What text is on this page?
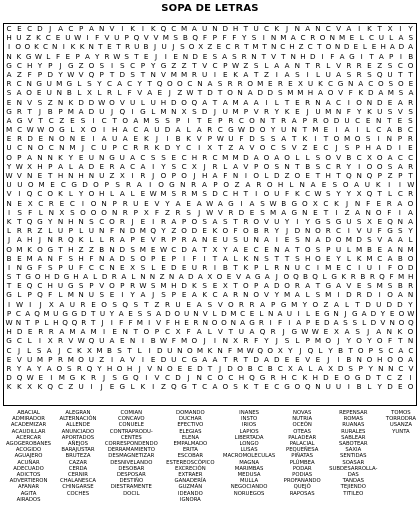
SOPA DE LETRAS
C E C D J A C P A N V I K I K Q C M A U N D H T U C K J N A N C V A I K T X I Y
H U Z K C E U W I F V U P Q V V M S B Q F P F F Y S I N M A C R O N M E L C U L A S
I O O K C N I K K N T E T R U B J U J S O X Z E C R T M T N C H Z C T O N D E L E H A D A
N K G W L F E P A Y R W S T E J	I E N D E S A S R N T V T N H D I F A G I T A P I B
G C H Y P J G Z O S I S C P Y G Z Z T V C P W Z S L A A N T R L V R R E Z S C O
A Z F P D Y W V Q P T D S T N V M M R U I E K A T Z I A S I	L U A S R S Q U T T
R C N G U M G L S Y C A C Y T Q O O C N A S R R O M E R E X U K C G N A C O S O E
S A O E U N B L X L R L F V A E J Z W T D T O N A D D S M M H A O V F K D A M S A
E N V S Z N K D D W O V U L U H D O Q A T A M A A I	L T E R N A C I O N D E A R
G R T J B P M A D U J Q I G L M N X S D J U M P V R Y K E J U M N F Y K U S V S
A G V T C Z E S	I C T O A M S S P	I	T E P R C O N T R A P R O D U C E N T E S
M C W W O G L X O I H A C A U D A L A R C G W D O Y U N T M E	I A I	L C A B C
E R D E N O N E	I A U A E K J	I B K V P W U F D S S A T K I	T O M O S	I N P R
U C N O C N M J C U P C R R K D Y C I X T Z A V O C S V Z E C J	S P H A D I	E
O P A N N K Y E U N G U A C S S E C H R C M M D A O A O L L S O V B C X O A C C
Y W X H P A L A D E R A C A I Y S C X J R L A V P O S N T B S C R Y I O O S A R
W V N E T H N H N U Z X I R J O P O J H A F N I O L D Z O E T H T Q N Q P Z P T
U U O M E C G D O P S R A	I O G N R A P O Z A R O H L N A E S O A U K	I	I W
V I Q C O K L Y O H L A L E W M S R M S D C H T I O U F K C W S Y Y X Q T L C R
N E X C R E C I O N P R U E V Y A E A W A G I A S W B G O X C K J N F E R A O
I	S F L N X S O O O N R P X F Z R S	J W V R D E S M A G N E T	I Z A N O F	I A
K T Q G Y N H N S C O R J E I R A P O S A S T R O V U Y I Y G S G U S X E Q N A
L R R Z L U P L U N F N D M Q Y Z O D E K O F O B R Y J D N O R C I V U F G S Y
J A H J N R Q K L L R A P E V R P R A N E U S U N A I E S N A D O M D S V A A L
O M K O G T H Z Z B N D S M E W C D A T X Y A E C E N A T O S P U L M B E A N M
B E M A N F S H F N A D S O P E P I F I T A L K N S T T S H O E Y L K M C A B O
I N G F S P U F C C N E X S L E D E U R I B T K P L R N U C I M E C I U I F O D
S T G O H D G H A L D R A L N N Z N A D A X O E V A G A J O Q B Q L G K R B R Q F M H
T E Q C H U G S P V O P R W S M H D K S E X T O P A D O R A T G A V E S M S B R
G L P Q F L M N U S E I Y A J S P E A K C A R N O V Y M A L S M I D R D I O A N
I W I	J X A U R E O S Q S T Z R U E A S V O R R A P G M Y O Z A L T D U D D Y
P C A Q M U G G D T U Y A E S S A D O U N V L D M C E L N A U I L E G N J G A D Y E O W
W N T P L H Q Q R T J	I F F M I V F H E R N O O N A G R I F I A P E D A S S L D V N O Q
H D E R R A M A M I	E N T O P C X F A L V T U A Q R J G W W E X A S	J A N K O
G C L	I X R V W Q U A E N I B W F M O J	I N X R F Y J S L P M O J Y O Y O F T N
C J L S A J C K X M B S T L I D U N O M K N F M W Q O X Y J Q L Y B T O P S C A C
E V U M P R M O U Z I A V I E D U C G A A T R T D A D E E V E J	I B N O H O O A
R Y A Y A O S R Q Y H O H J V N O E E D T J D O B C B C X A L A X D S P Y N N C V
D Q W E	I M G K R J	S G Q I V C D J N C O C H Q G R H C K H D E O G D T C Z I
K K X K Q C Z U I	J E G L K I Z Q G T C A O S K T E C G O Q N U U I B L Y D E O
ABACIAL
ADMIRADOR
ACADEMIZAR
ACAUDILLAR
ACERCAR
AGOGEROBANES
ACOGIDO
AGUAJERO
ACUÑAR
ADECUADO
ADICTOS
ADVERTIERON
AFANAR
AGITA
AIRADOS
ALEGRAN
ALTERNACIÓN
ALLENDE
ANUNCIADO
APORTADOS
AÑEJOS
BARAJUSTAR
BRUTEZA
CAZAR
CERDA
CERNIR
CHALANESCA
CHINGARSE
COCHES
COMIAN
CONCAVO
CONUELE
CONTRAPRODU-
CENTES
CORRESPONDENDO
DERRAMAMIENTO
DESMAGNETIZAR
DESNIVELANDO
DESOBAR
DESPOSAR
DESTIÑO
DIESTRAMENTE
DOCIL
DOMANDO
DUCHAR
EFECTIVO
ELEGIAS
ELENA
EMPALMADO
ERITA
ESCOBAR
ESTEREOSCÓPICO
EXCRECIÓN
EXTRAER
GANADERÍA
GUZMÁN
IDEANDO
IGNORA
INANES
INSTO
IRIOS
LAPIOS
LIBERTADA
LONGO
LUSAS
MACROMOLECULAS
MAGNA
MARIMBAS
MEDUSA
MULLA
NEGOCIANDO
NORUEGOS
NOVAS
NUTRIA
OCEÓN
OTEAS
PALADEAR
PALACIAL
PEQUEÑESA
PIÑATAS
PLÚMBEA
PODAR
PODIAS
PROFANANDO
QUEJÓ
RAPOSAS
REPENSAR
ROMAS
RUANAS
RURALES
SABLEAR
SABOTEAR
SAXIA
SENTIDAS
SOASAR
SUBDESARROLLA-
DAS
TANDAS
TEJIENDO
TITILEO
TOMOS
TORRODRA
USANZA
YUNTA
